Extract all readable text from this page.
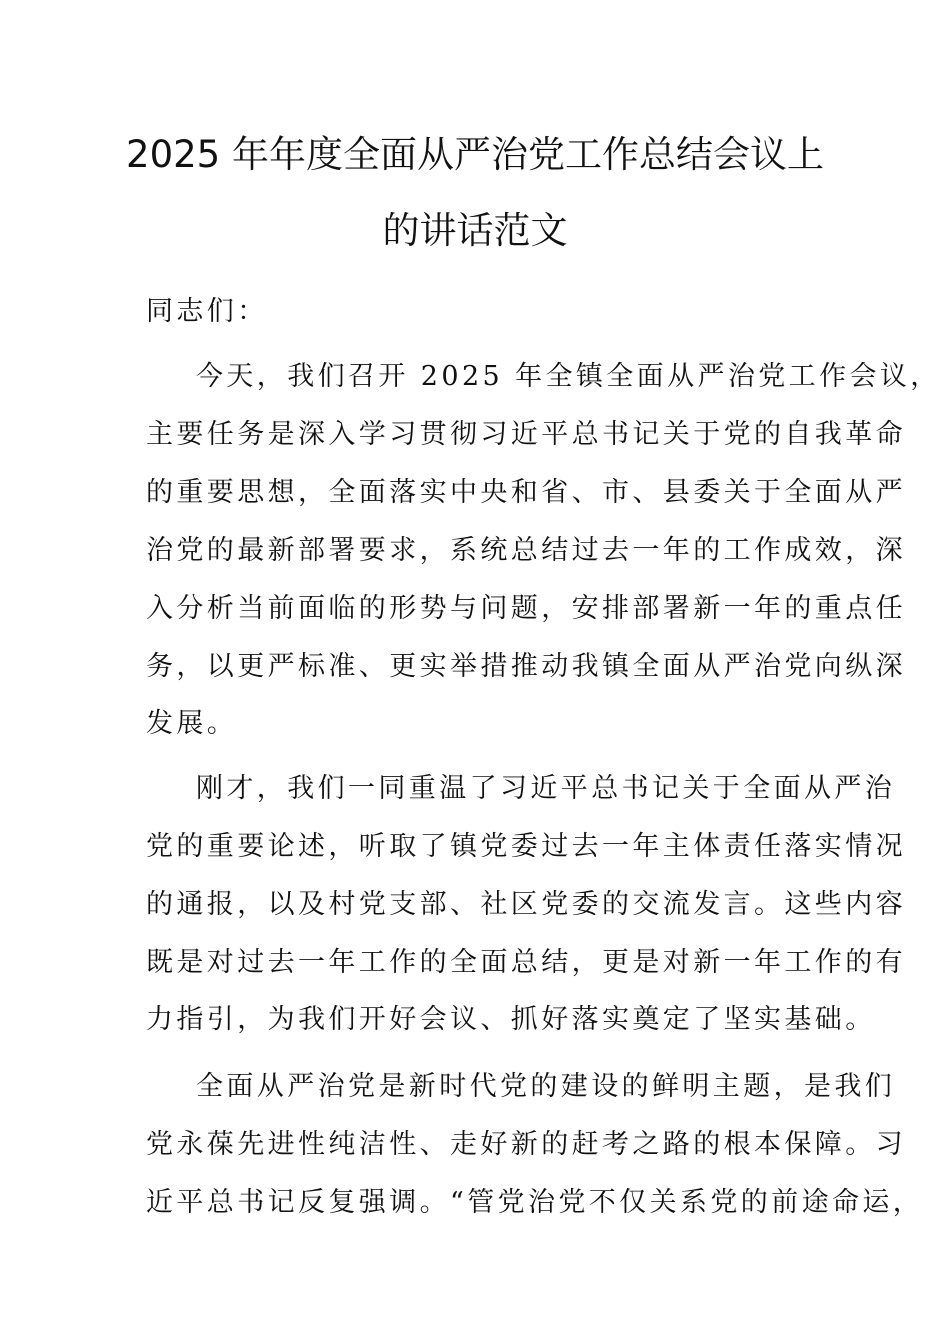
2025 年年度全面从严治党工作总结会议上
的讲话范文
同志们：
今天，我们召开 2025 年全镇全面从严治党工作会议，
主要任务是深入学习贯彻习近平总书记关于党的自我革命
的重要思想，全面落实中央和省、市、县委关于全面从严
治党的最新部署要求，系统总结过去一年的工作成效，深
入分析当前面临的形势与问题，安排部署新一年的重点任
务，以更严标准、更实举措推动我镇全面从严治党向纵深
发展。
刚才，我们一同重温了习近平总书记关于全面从严治
党的重要论述，听取了镇党委过去一年主体责任落实情况
的通报，以及村党支部、社区党委的交流发言。这些内容
既是对过去一年工作的全面总结，更是对新一年工作的有
力指引，为我们开好会议、抓好落实奠定了坚实基础。
全面从严治党是新时代党的建设的鲜明主题，是我们
党永葆先进性纯洁性、走好新的赶考之路的根本保障。习
近平总书记反复强调。“管党治党不仅关系党的前途命运，
